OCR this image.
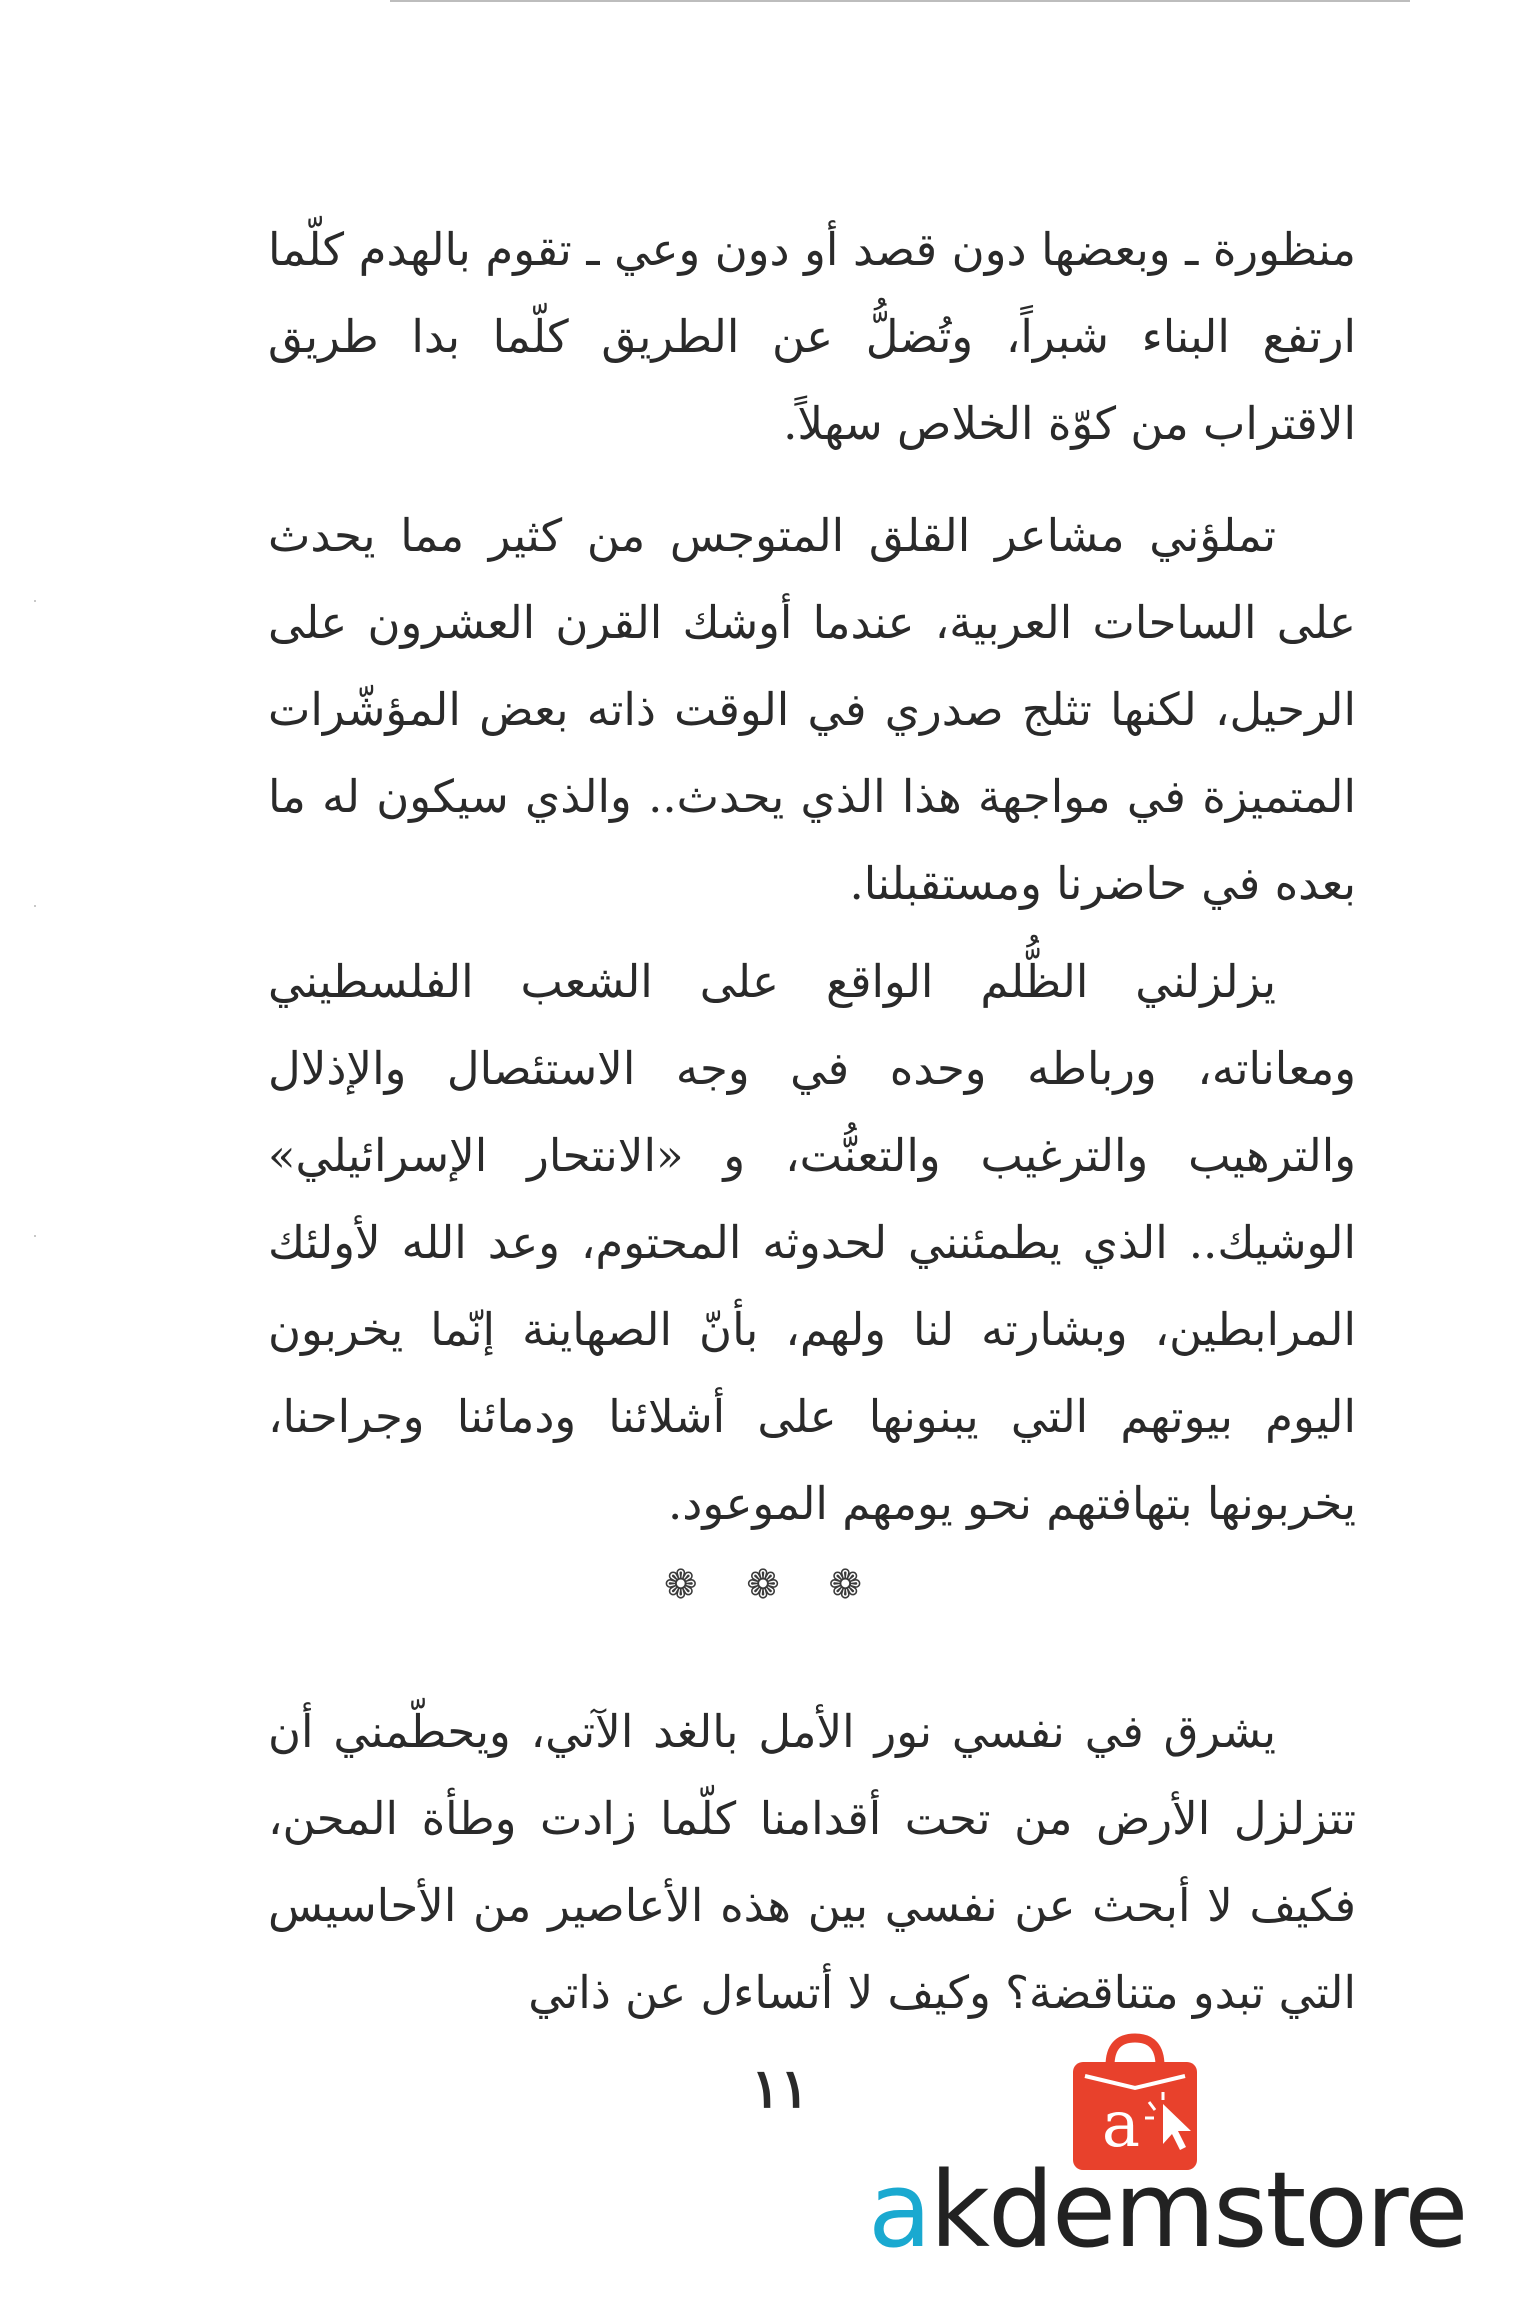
منظورة ـ وبعضها دون قصد أو دون وعي ـ تقوم بالهدم كلّما ارتفع البناء شبراً، وتُضلُّ عن الطريق كلّما بدا طريق الاقتراب من كوّة الخلاص سهلاً.

تملؤني مشاعر القلق المتوجس من كثير مما يحدث على الساحات العربية، عندما أوشك القرن العشرون على الرحيل، لكنها تثلج صدري في الوقت ذاته بعض المؤشّرات المتميزة في مواجهة هذا الذي يحدث.. والذي سيكون له ما بعده في حاضرنا ومستقبلنا.

يزلزلني الظُّلم الواقع على الشعب الفلسطيني ومعاناته، ورباطه وحده في وجه الاستئصال والإذلال والترهيب والترغيب والتعنُّت، و «الانتحار الإسرائيلي» الوشيك.. الذي يطمئنني لحدوثه المحتوم، وعد الله لأولئك المرابطين، وبشارته لنا ولهم، بأنّ الصهاينة إنّما يخربون اليوم بيوتهم التي يبنونها على أشلائنا ودمائنا وجراحنا، يخربونها بتهافتهم نحو يومهم الموعود.

❁ ❁ ❁

يشرق في نفسي نور الأمل بالغد الآتي، ويحطّمني أن تتزلزل الأرض من تحت أقدامنا كلّما زادت وطأة المحن، فكيف لا أبحث عن نفسي بين هذه الأعاصير من الأحاسيس التي تبدو متناقضة؟ وكيف لا أتساءل عن ذاتي

١١	a
akdemstore
